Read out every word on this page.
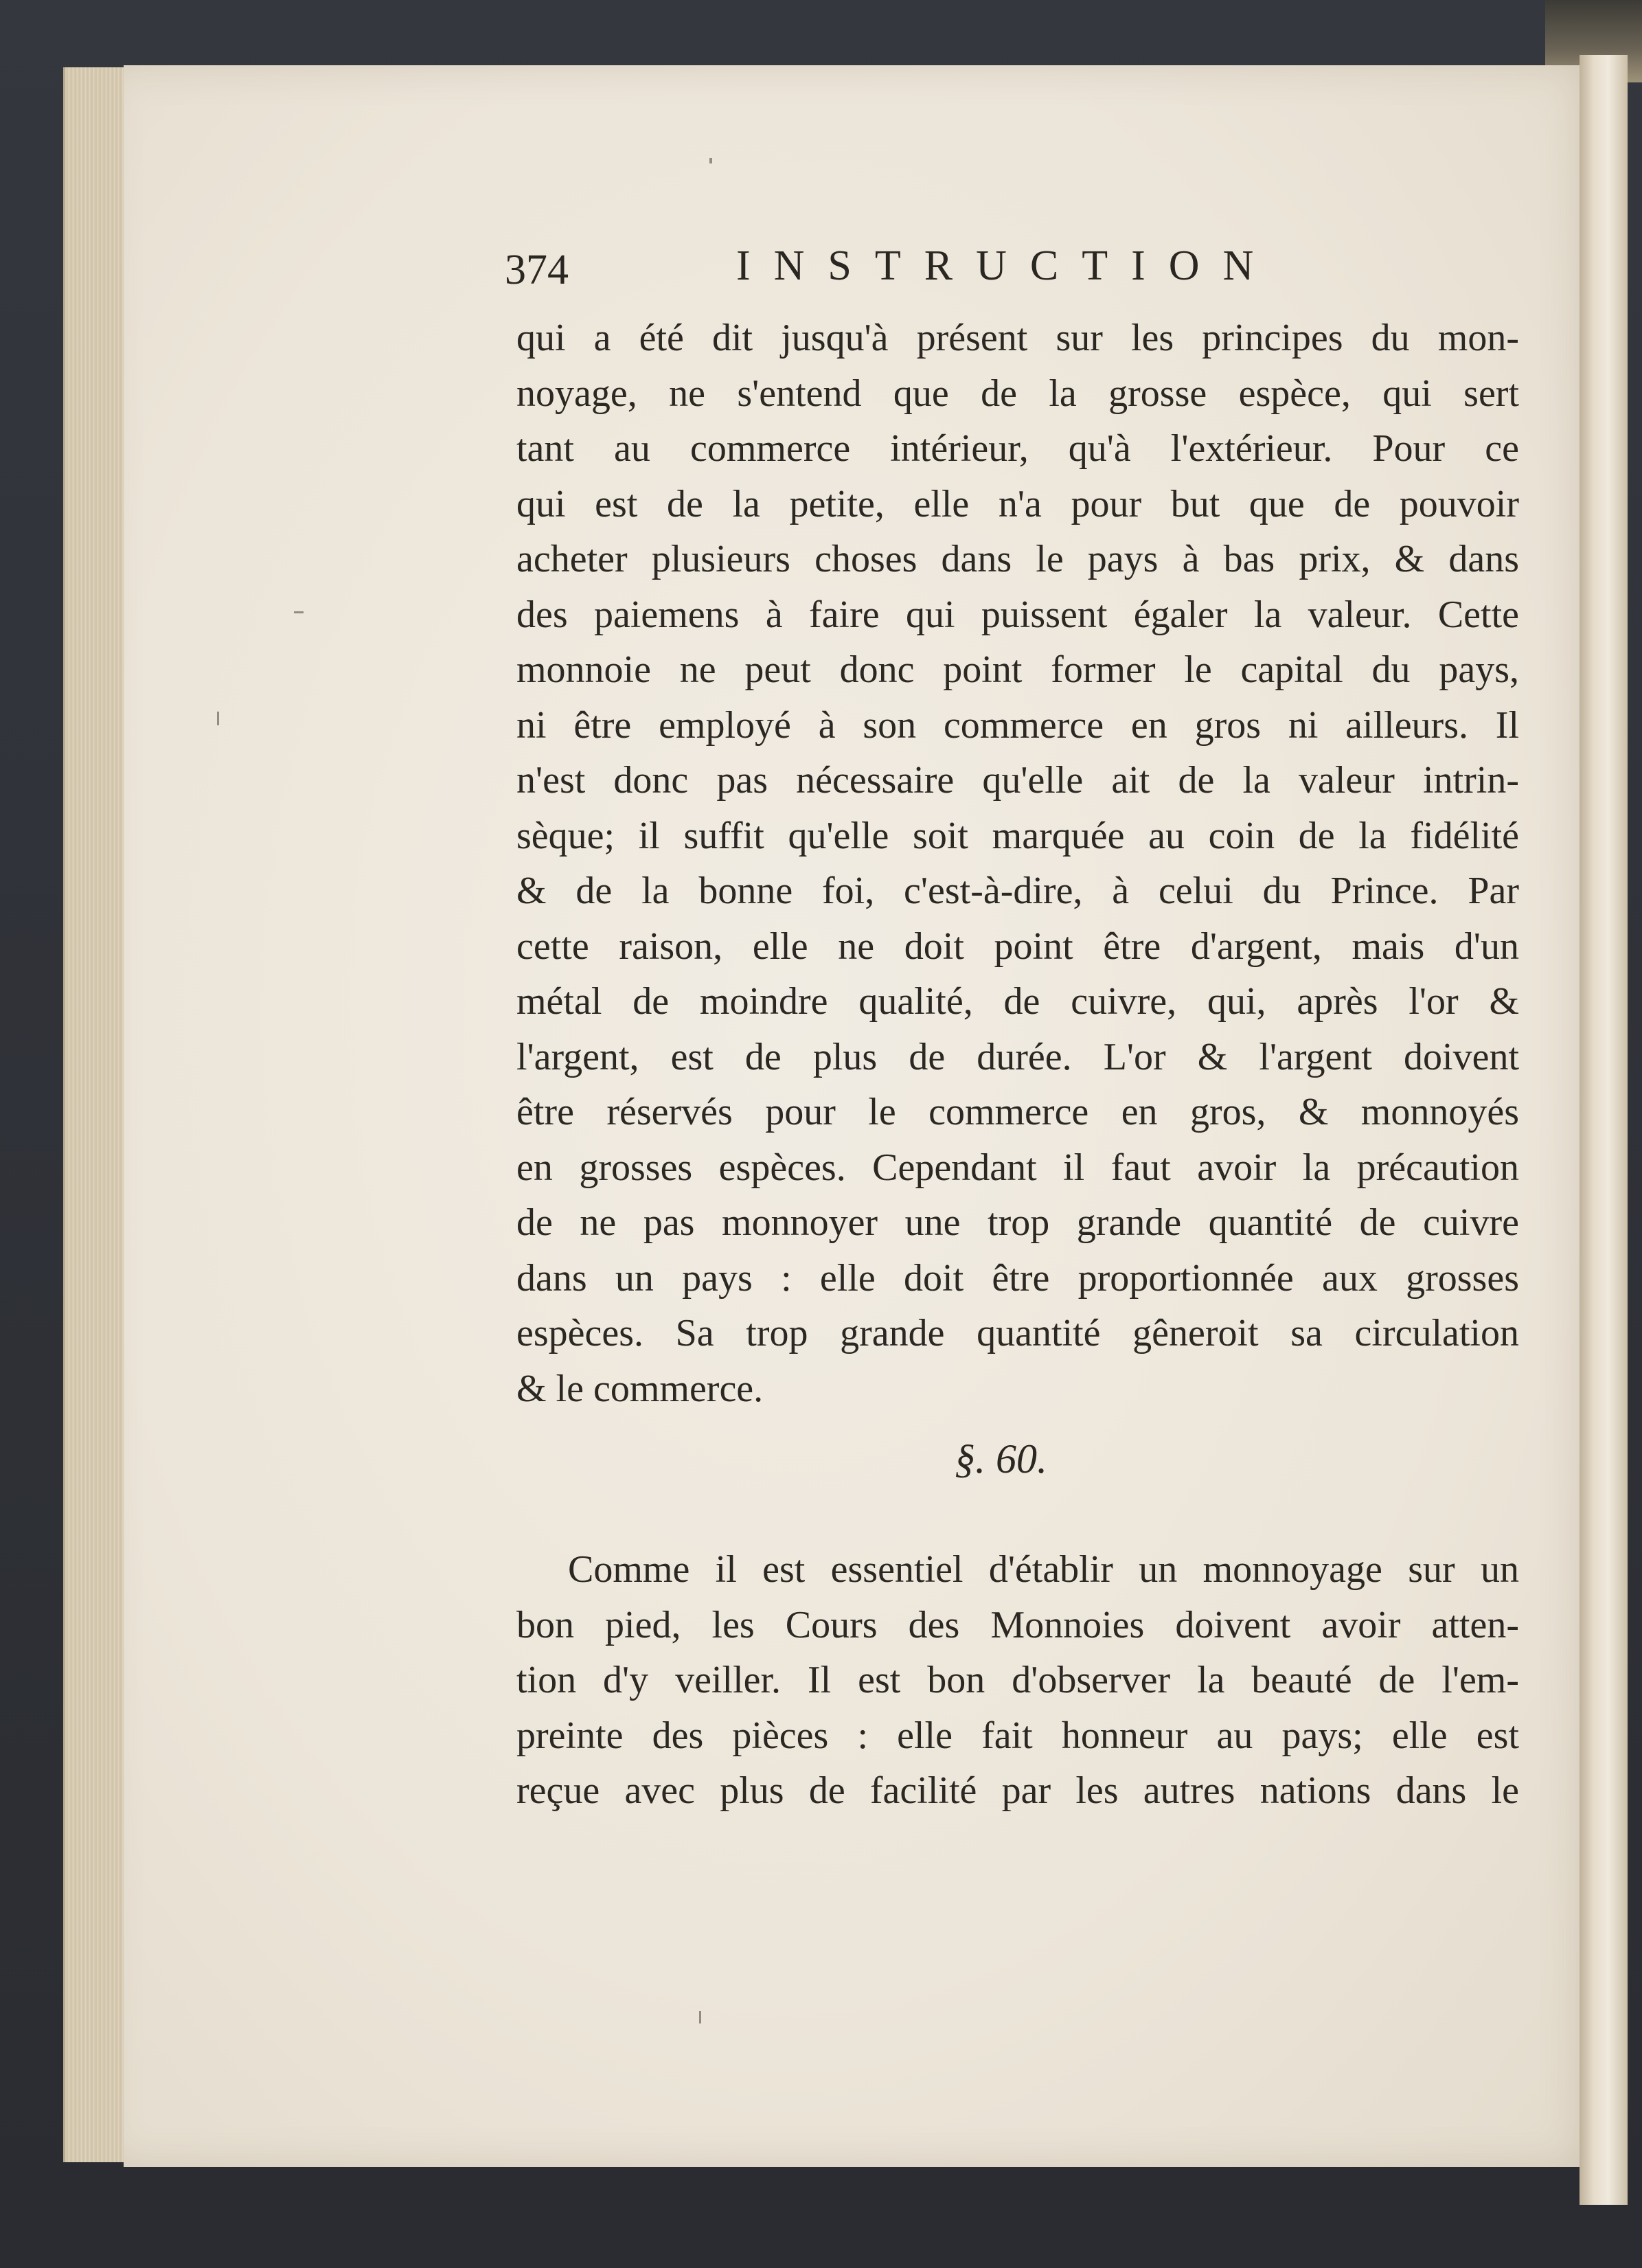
374	INSTRUCTION
qui a été dit jusqu'à présent sur les principes du mon-
noyage, ne s'entend que de la grosse espèce, qui sert
tant au commerce intérieur, qu'à l'extérieur. Pour ce
qui est de la petite, elle n'a pour but que de pouvoir
acheter plusieurs choses dans le pays à bas prix, & dans
des paiemens à faire qui puissent égaler la valeur. Cette
monnoie ne peut donc point former le capital du pays,
ni être employé à son commerce en gros ni ailleurs. Il
n'est donc pas nécessaire qu'elle ait de la valeur intrin-
sèque; il suffit qu'elle soit marquée au coin de la fidélité
& de la bonne foi, c'est-à-dire, à celui du Prince. Par
cette raison, elle ne doit point être d'argent, mais d'un
métal de moindre qualité, de cuivre, qui, après l'or &
l'argent, est de plus de durée. L'or & l'argent doivent
être réservés pour le commerce en gros, & monnoyés
en grosses espèces. Cependant il faut avoir la précaution
de ne pas monnoyer une trop grande quantité de cuivre
dans un pays : elle doit être proportionnée aux grosses
espèces. Sa trop grande quantité gêneroit sa circulation
& le commerce.
§. 60.
Comme il est essentiel d'établir un monnoyage sur un
bon pied, les Cours des Monnoies doivent avoir atten-
tion d'y veiller. Il est bon d'observer la beauté de l'em-
preinte des pièces : elle fait honneur au pays; elle est
reçue avec plus de facilité par les autres nations dans le
